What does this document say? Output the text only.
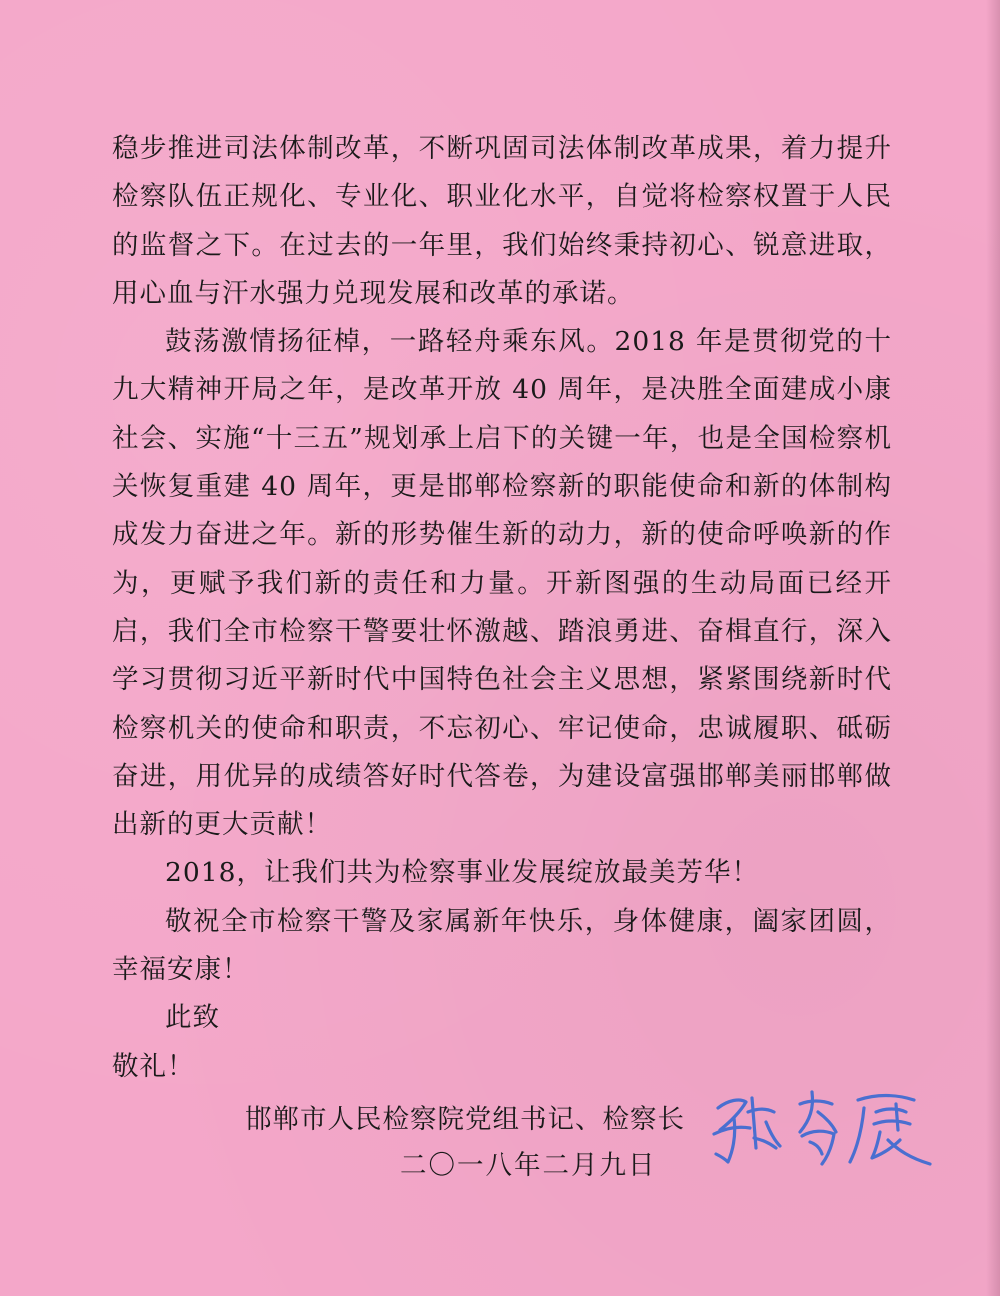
稳步推进司法体制改革，不断巩固司法体制改革成果，着力提升检察队伍正规化、专业化、职业化水平，自觉将检察权置于人民的监督之下。在过去的一年里，我们始终秉持初心、锐意进取，用心血与汗水强力兑现发展和改革的承诺。

鼓荡激情扬征棹，一路轻舟乘东风。2018 年是贯彻党的十九大精神开局之年，是改革开放 40 周年，是决胜全面建成小康社会、实施“十三五”规划承上启下的关键一年，也是全国检察机关恢复重建 40 周年，更是邯郸检察新的职能使命和新的体制构成发力奋进之年。新的形势催生新的动力，新的使命呼唤新的作为，更赋予我们新的责任和力量。开新图强的生动局面已经开启，我们全市检察干警要壮怀激越、踏浪勇进、奋楫直行，深入学习贯彻习近平新时代中国特色社会主义思想，紧紧围绕新时代检察机关的使命和职责，不忘初心、牢记使命，忠诚履职、砥砺奋进，用优异的成绩答好时代答卷，为建设富强邯郸美丽邯郸做出新的更大贡献！

2018，让我们共为检察事业发展绽放最美芳华！

敬祝全市检察干警及家属新年快乐，身体健康，阖家团圆，幸福安康！

此致

敬礼！

邯郸市人民检察院党组书记、检察长
二〇一八年二月九日
